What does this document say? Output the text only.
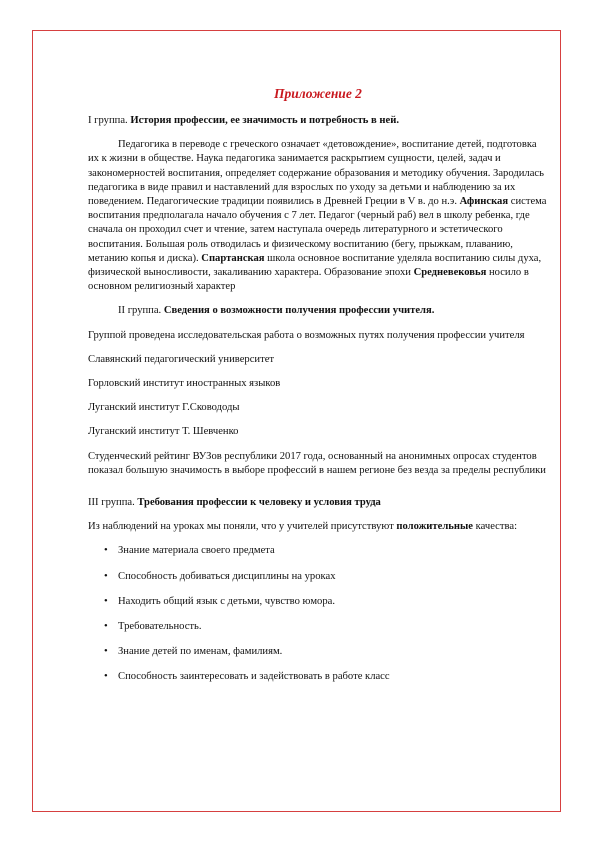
Приложение 2

I группа. История профессии, ее значимость и потребность в ней.

Педагогика в переводе с греческого означает «детовождение», воспитание детей, подготовка их к жизни в обществе. Наука педагогика занимается раскрытием сущности, целей, задач и закономерностей воспитания, определяет содержание образования и методику обучения. Зародилась педагогика в виде правил и наставлений для взрослых по уходу за детьми и наблюдению за их поведением. Педагогические традиции появились в Древней Греции в V в. до н.э. Афинская система воспитания предполагала начало обучения с 7 лет. Педагог (черный раб) вел в школу ребенка, где сначала он проходил счет и чтение, затем наступала очередь литературного и эстетического воспитания. Большая роль отводилась и физическому воспитанию (бегу, прыжкам, плаванию, метанию копья и диска). Спартанская школа основное воспитание уделяла воспитанию силы духа, физической выносливости, закаливанию характера. Образование эпохи Средневековья носило в основном религиозный характер

II группа. Сведения о возможности получения профессии учителя.

Группой проведена исследовательская работа о возможных путях получения профессии учителя

Славянский педагогический университет

Горловский институт иностранных языков

Луганский институт Г.Сковододы

Луганский институт Т. Шевченко

Студенческий рейтинг ВУЗов республики 2017 года, основанный на анонимных опросах студентов показал большую значимость в выборе профессий в нашем регионе без везда за пределы республики

III группа. Требования профессии к человеку и условия труда

Из наблюдений на уроках мы поняли, что у учителей присутствуют положительные качества:

• Знание материала своего предмета
• Способность добиваться дисциплины на уроках
• Находить общий язык с детьми, чувство юмора.
• Требовательность.
• Знание детей по именам, фамилиям.
• Способность заинтересовать и задействовать в работе класс
